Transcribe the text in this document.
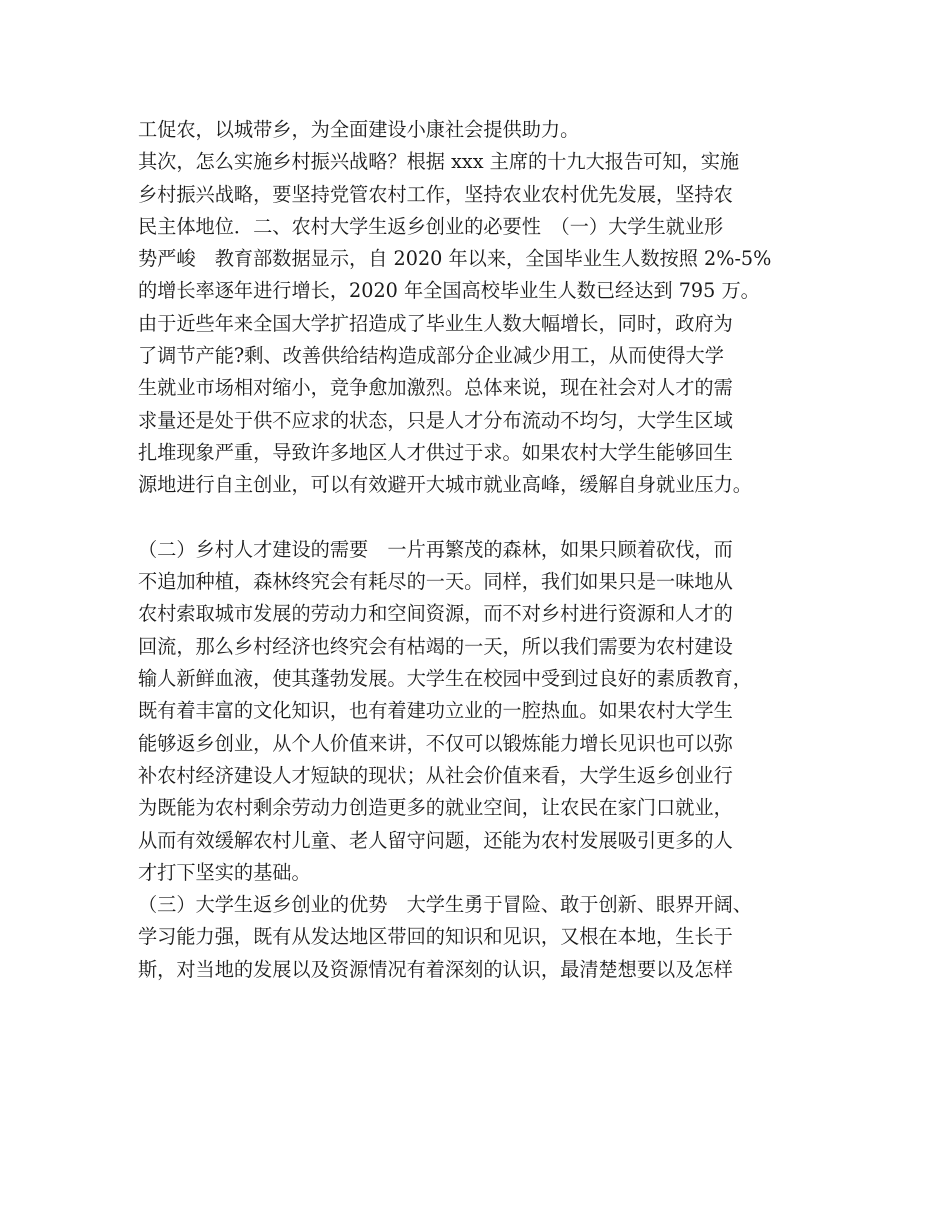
工促农，以城带乡，为全面建设小康社会提供助力。
其次，怎么实施乡村振兴战略？根据 xxx 主席的十九大报告可知，实施
乡村振兴战略，要坚持党管农村工作，坚持农业农村优先发展，坚持农
民主体地位．二、农村大学生返乡创业的必要性　（一）大学生就业形
势严峻　教育部数据显示，自 2020 年以来，全国毕业生人数按照 2%-5%
的增长率逐年进行增长，2020 年全国高校毕业生人数已经达到 795 万。
由于近些年来全国大学扩招造成了毕业生人数大幅增长，同时，政府为
了调节产能?剩、改善供给结构造成部分企业减少用工，从而使得大学
生就业市场相对缩小，竞争愈加激烈。总体来说，现在社会对人才的需
求量还是处于供不应求的状态，只是人才分布流动不均匀，大学生区域
扎堆现象严重，导致许多地区人才供过于求。如果农村大学生能够回生
源地进行自主创业，可以有效避开大城市就业高峰，缓解自身就业压力。
（二）乡村人才建设的需要　一片再繁茂的森林，如果只顾着砍伐，而
不追加种植，森林终究会有耗尽的一天。同样，我们如果只是一味地从
农村索取城市发展的劳动力和空间资源，而不对乡村进行资源和人才的
回流，那么乡村经济也终究会有枯竭的一天，所以我们需要为农村建设
输人新鲜血液，使其蓬勃发展。大学生在校园中受到过良好的素质教育，
既有着丰富的文化知识，也有着建功立业的一腔热血。如果农村大学生
能够返乡创业，从个人价值来讲，不仅可以锻炼能力增长见识也可以弥
补农村经济建设人才短缺的现状；从社会价值来看，大学生返乡创业行
为既能为农村剩余劳动力创造更多的就业空间，让农民在家门口就业，
从而有效缓解农村儿童、老人留守问题，还能为农村发展吸引更多的人
才打下坚实的基础。
（三）大学生返乡创业的优势　大学生勇于冒险、敢于创新、眼界开阔、
学习能力强，既有从发达地区带回的知识和见识，又根在本地，生长于
斯，对当地的发展以及资源情况有着深刻的认识，最清楚想要以及怎样
